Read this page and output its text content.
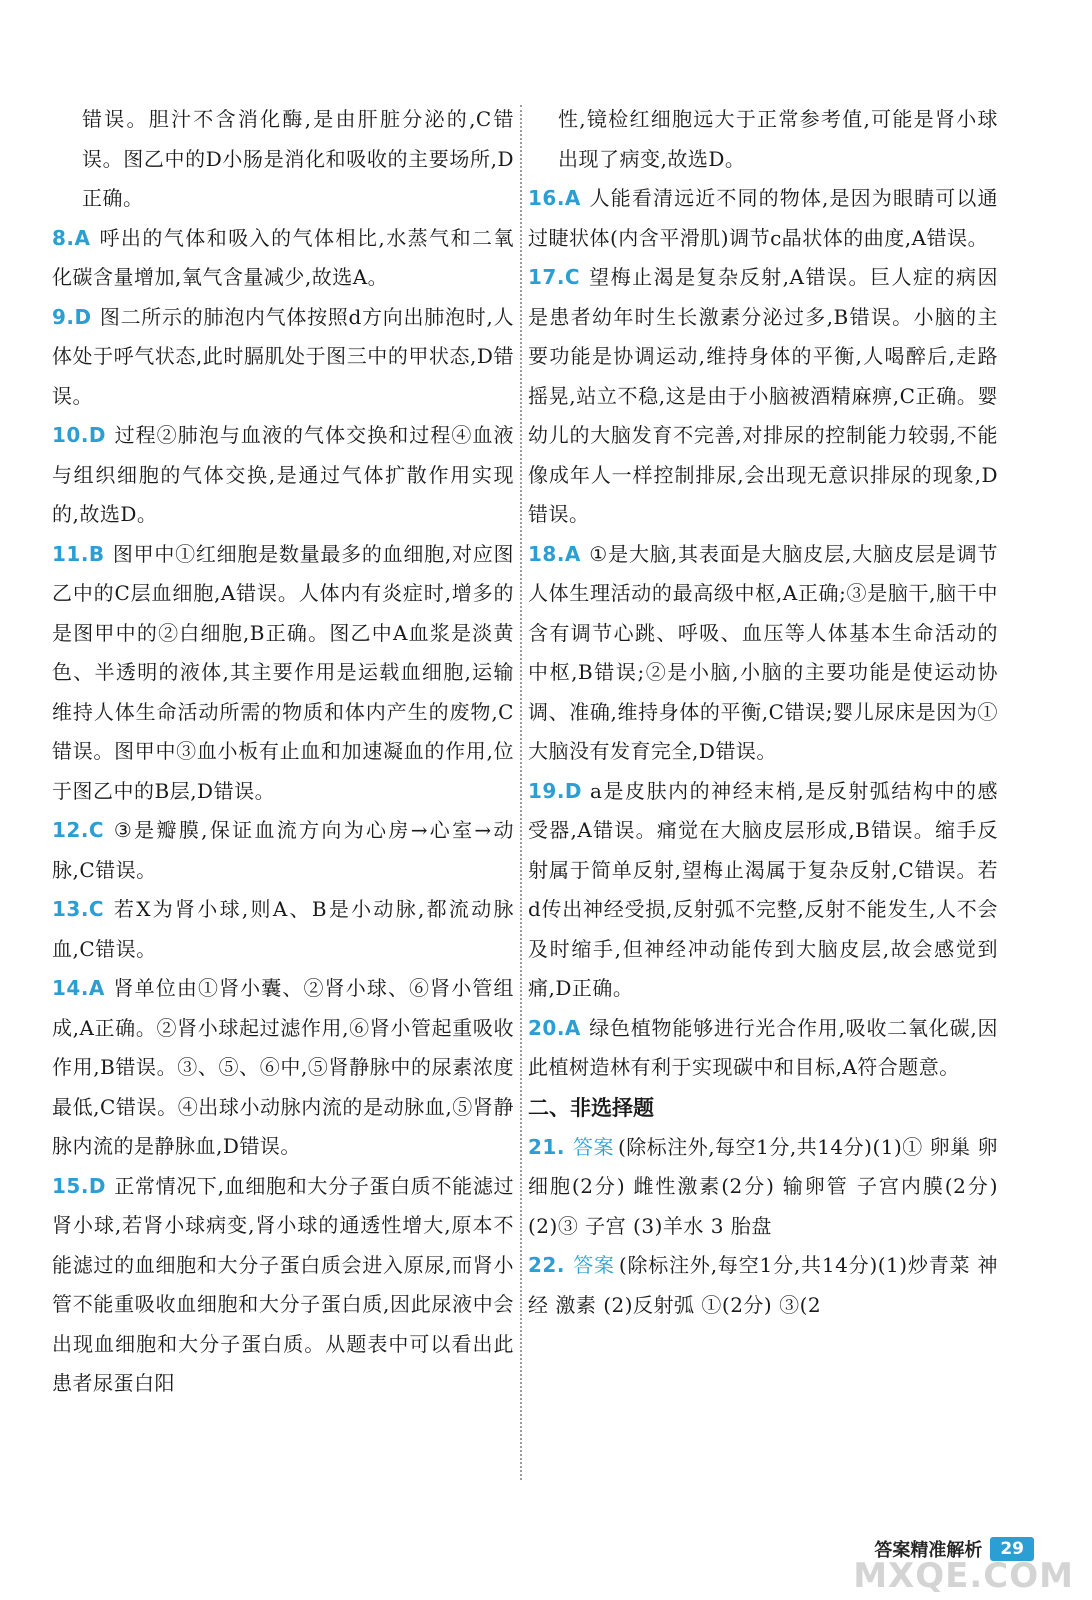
错误。胆汁不含消化酶,是由肝脏分泌的,C错误。图乙中的D小肠是消化和吸收的主要场所,D正确。

8.A 呼出的气体和吸入的气体相比,水蒸气和二氧化碳含量增加,氧气含量减少,故选A。

9.D 图二所示的肺泡内气体按照d方向出肺泡时,人体处于呼气状态,此时膈肌处于图三中的甲状态,D错误。

10.D 过程②肺泡与血液的气体交换和过程④血液与组织细胞的气体交换,是通过气体扩散作用实现的,故选D。

11.B 图甲中①红细胞是数量最多的血细胞,对应图乙中的C层血细胞,A错误。人体内有炎症时,增多的是图甲中的②白细胞,B正确。图乙中A血浆是淡黄色、半透明的液体,其主要作用是运载血细胞,运输维持人体生命活动所需的物质和体内产生的废物,C错误。图甲中③血小板有止血和加速凝血的作用,位于图乙中的B层,D错误。

12.C ③是瓣膜,保证血流方向为心房→心室→动脉,C错误。

13.C 若X为肾小球,则A、B是小动脉,都流动脉血,C错误。

14.A 肾单位由①肾小囊、②肾小球、⑥肾小管组成,A正确。②肾小球起过滤作用,⑥肾小管起重吸收作用,B错误。③、⑤、⑥中,⑤肾静脉中的尿素浓度最低,C错误。④出球小动脉内流的是动脉血,⑤肾静脉内流的是静脉血,D错误。

15.D 正常情况下,血细胞和大分子蛋白质不能滤过肾小球,若肾小球病变,肾小球的通透性增大,原本不能滤过的血细胞和大分子蛋白质会进入原尿,而肾小管不能重吸收血细胞和大分子蛋白质,因此尿液中会出现血细胞和大分子蛋白质。从题表中可以看出此患者尿蛋白阳

性,镜检红细胞远大于正常参考值,可能是肾小球出现了病变,故选D。

16.A 人能看清远近不同的物体,是因为眼睛可以通过睫状体(内含平滑肌)调节c晶状体的曲度,A错误。

17.C 望梅止渴是复杂反射,A错误。巨人症的病因是患者幼年时生长激素分泌过多,B错误。小脑的主要功能是协调运动,维持身体的平衡,人喝醉后,走路摇晃,站立不稳,这是由于小脑被酒精麻痹,C正确。婴幼儿的大脑发育不完善,对排尿的控制能力较弱,不能像成年人一样控制排尿,会出现无意识排尿的现象,D错误。

18.A ①是大脑,其表面是大脑皮层,大脑皮层是调节人体生理活动的最高级中枢,A正确;③是脑干,脑干中含有调节心跳、呼吸、血压等人体基本生命活动的中枢,B错误;②是小脑,小脑的主要功能是使运动协调、准确,维持身体的平衡,C错误;婴儿尿床是因为①大脑没有发育完全,D错误。

19.D a是皮肤内的神经末梢,是反射弧结构中的感受器,A错误。痛觉在大脑皮层形成,B错误。缩手反射属于简单反射,望梅止渴属于复杂反射,C错误。若d传出神经受损,反射弧不完整,反射不能发生,人不会及时缩手,但神经冲动能传到大脑皮层,故会感觉到痛,D正确。

20.A 绿色植物能够进行光合作用,吸收二氧化碳,因此植树造林有利于实现碳中和目标,A符合题意。

二、非选择题

21. 答案 (除标注外,每空1分,共14分)(1)① 卵巢 卵细胞(2分) 雌性激素(2分) 输卵管 子宫内膜(2分) (2)③ 子宫 (3)羊水 3 胎盘

22. 答案 (除标注外,每空1分,共14分)(1)炒青菜 神经 激素 (2)反射弧 ①(2分) ③(2

答案精准解析	29
MXQE.COM
